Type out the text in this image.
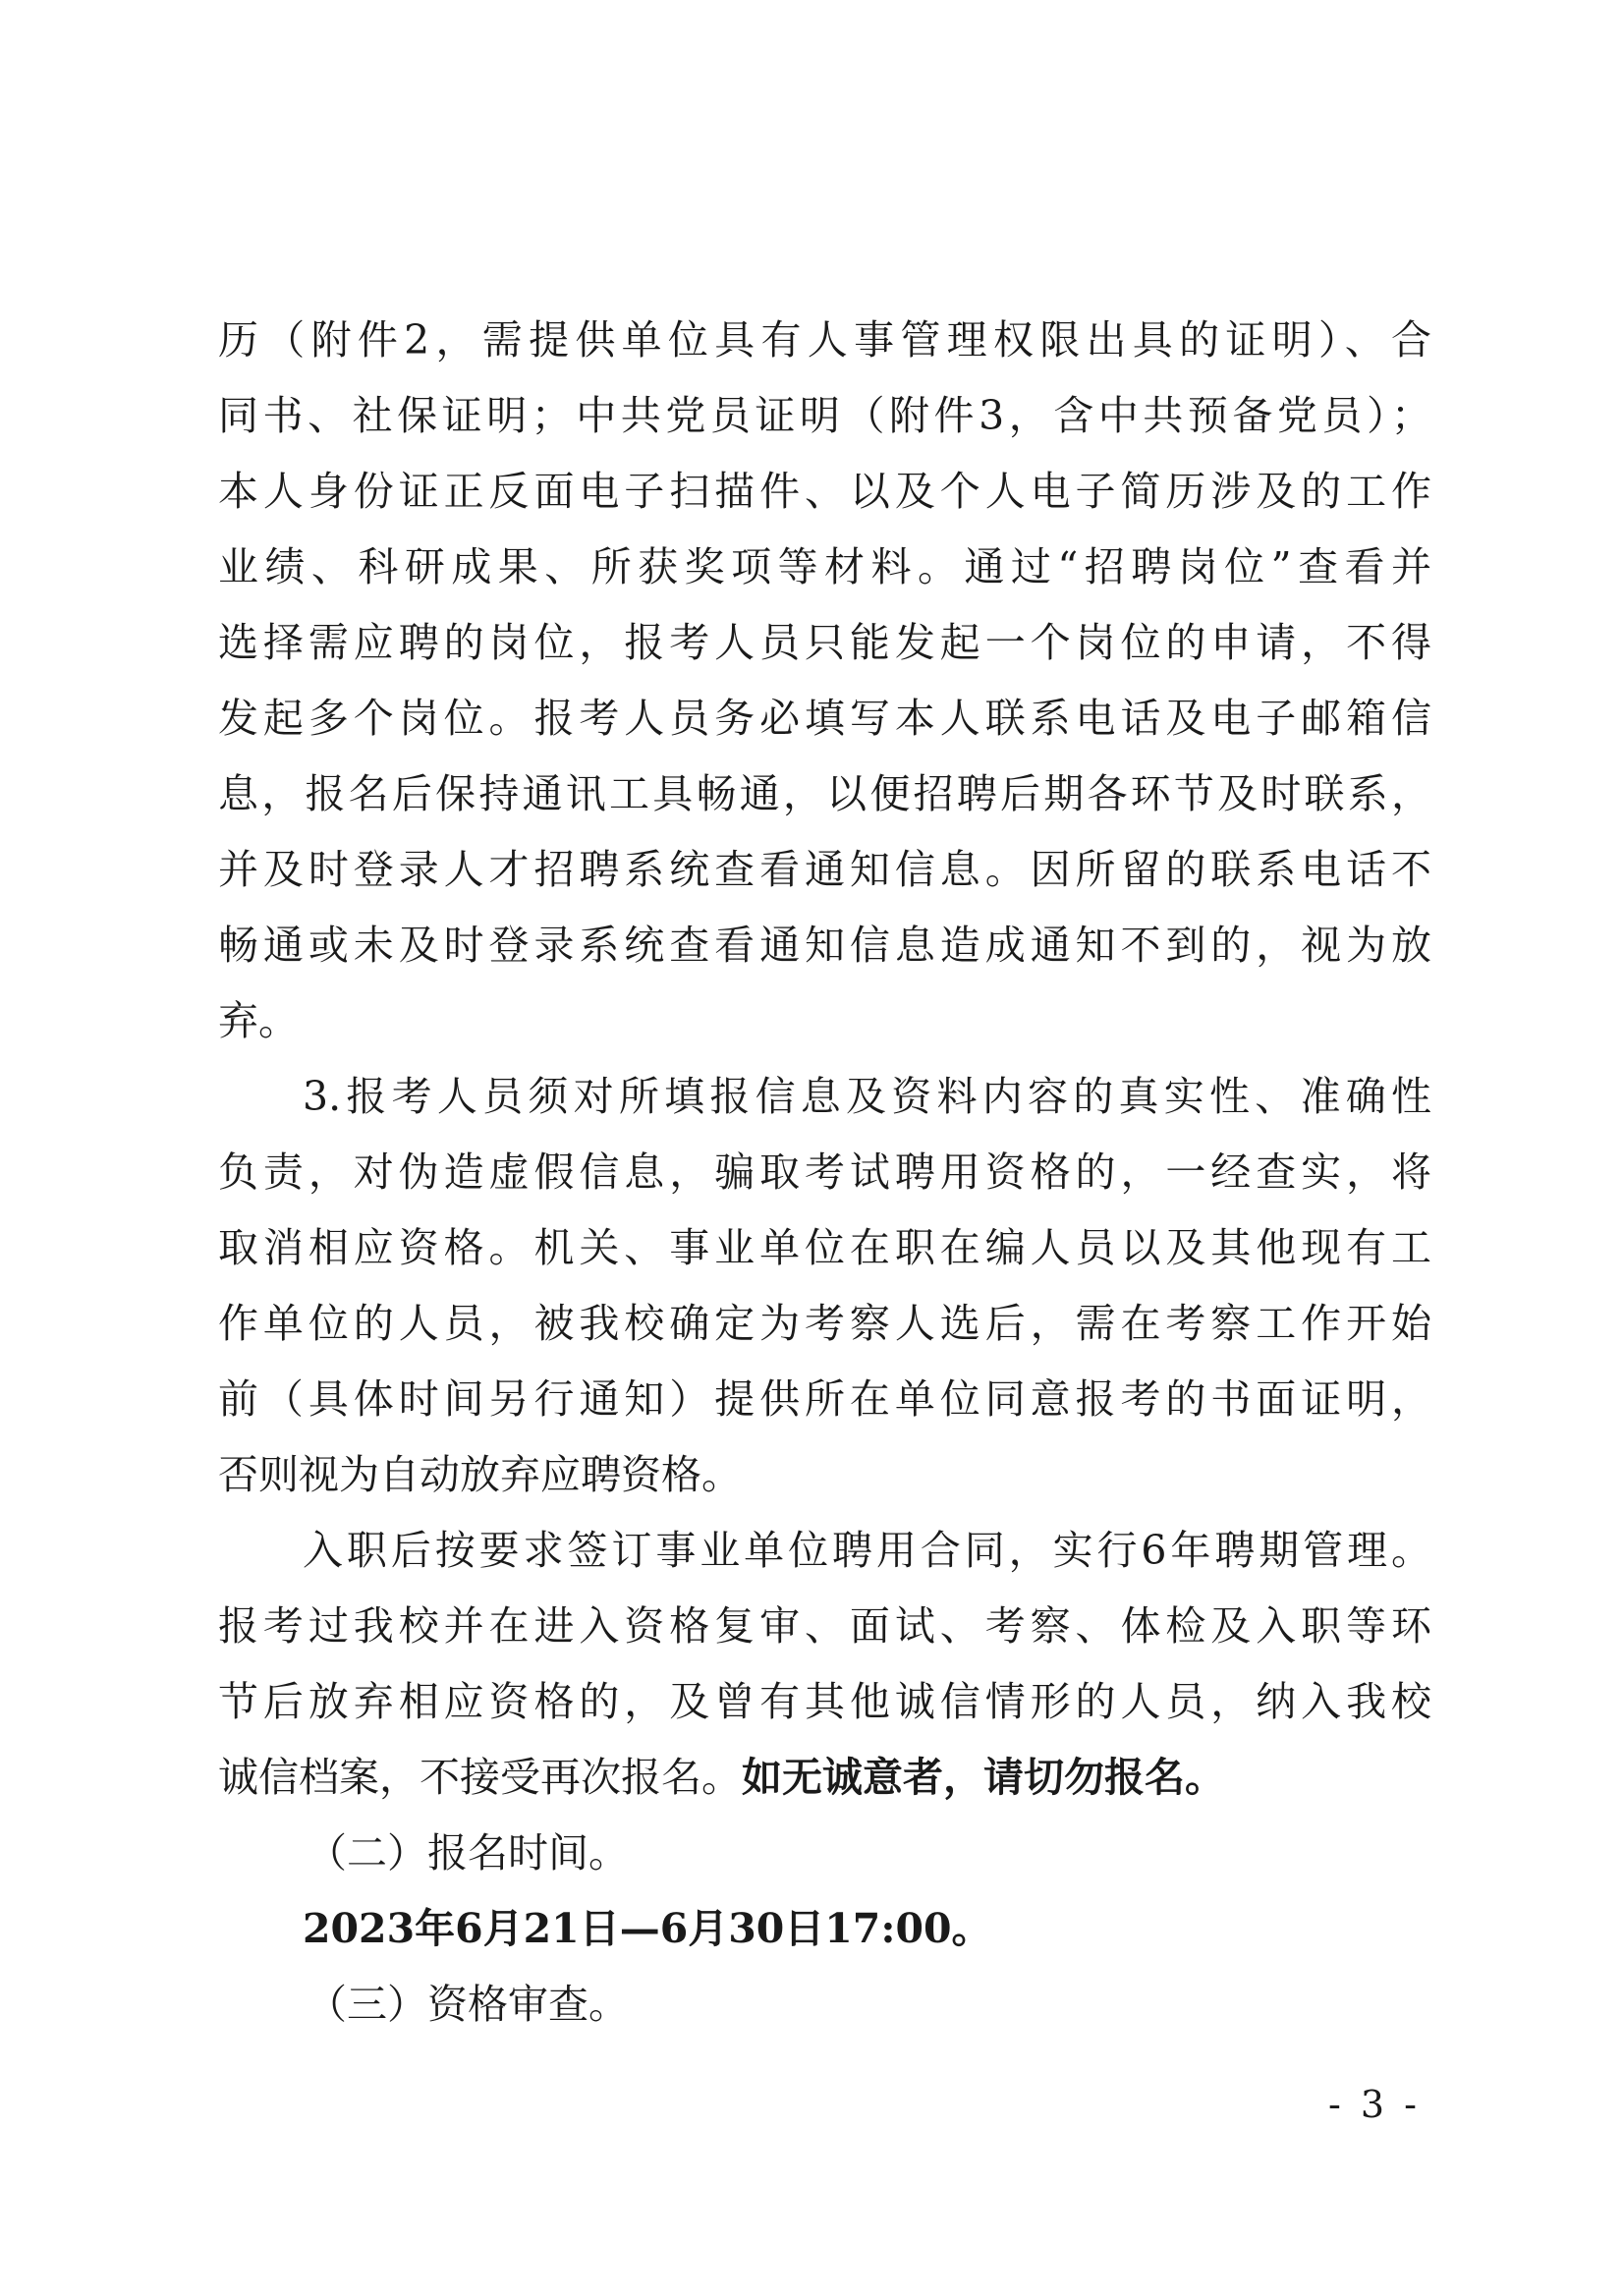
历（附件2，需提供单位具有人事管理权限出具的证明）、合
同书、社保证明；中共党员证明（附件3，含中共预备党员）；
本人身份证正反面电子扫描件、以及个人电子简历涉及的工作
业绩、科研成果、所获奖项等材料。通过“招聘岗位”查看并
选择需应聘的岗位，报考人员只能发起一个岗位的申请，不得
发起多个岗位。报考人员务必填写本人联系电话及电子邮箱信
息，报名后保持通讯工具畅通，以便招聘后期各环节及时联系，
并及时登录人才招聘系统查看通知信息。因所留的联系电话不
畅通或未及时登录系统查看通知信息造成通知不到的，视为放
弃。
3.报考人员须对所填报信息及资料内容的真实性、准确性
负责，对伪造虚假信息，骗取考试聘用资格的，一经查实，将
取消相应资格。机关、事业单位在职在编人员以及其他现有工
作单位的人员，被我校确定为考察人选后，需在考察工作开始
前（具体时间另行通知）提供所在单位同意报考的书面证明，
否则视为自动放弃应聘资格。
入职后按要求签订事业单位聘用合同，实行6年聘期管理。
报考过我校并在进入资格复审、面试、考察、体检及入职等环
节后放弃相应资格的，及曾有其他诚信情形的人员，纳入我校
诚信档案，不接受再次报名。如无诚意者，请切勿报名。
（二）报名时间。
2023年6月21日—6月30日17:00。
（三）资格审查。
- 3 -
